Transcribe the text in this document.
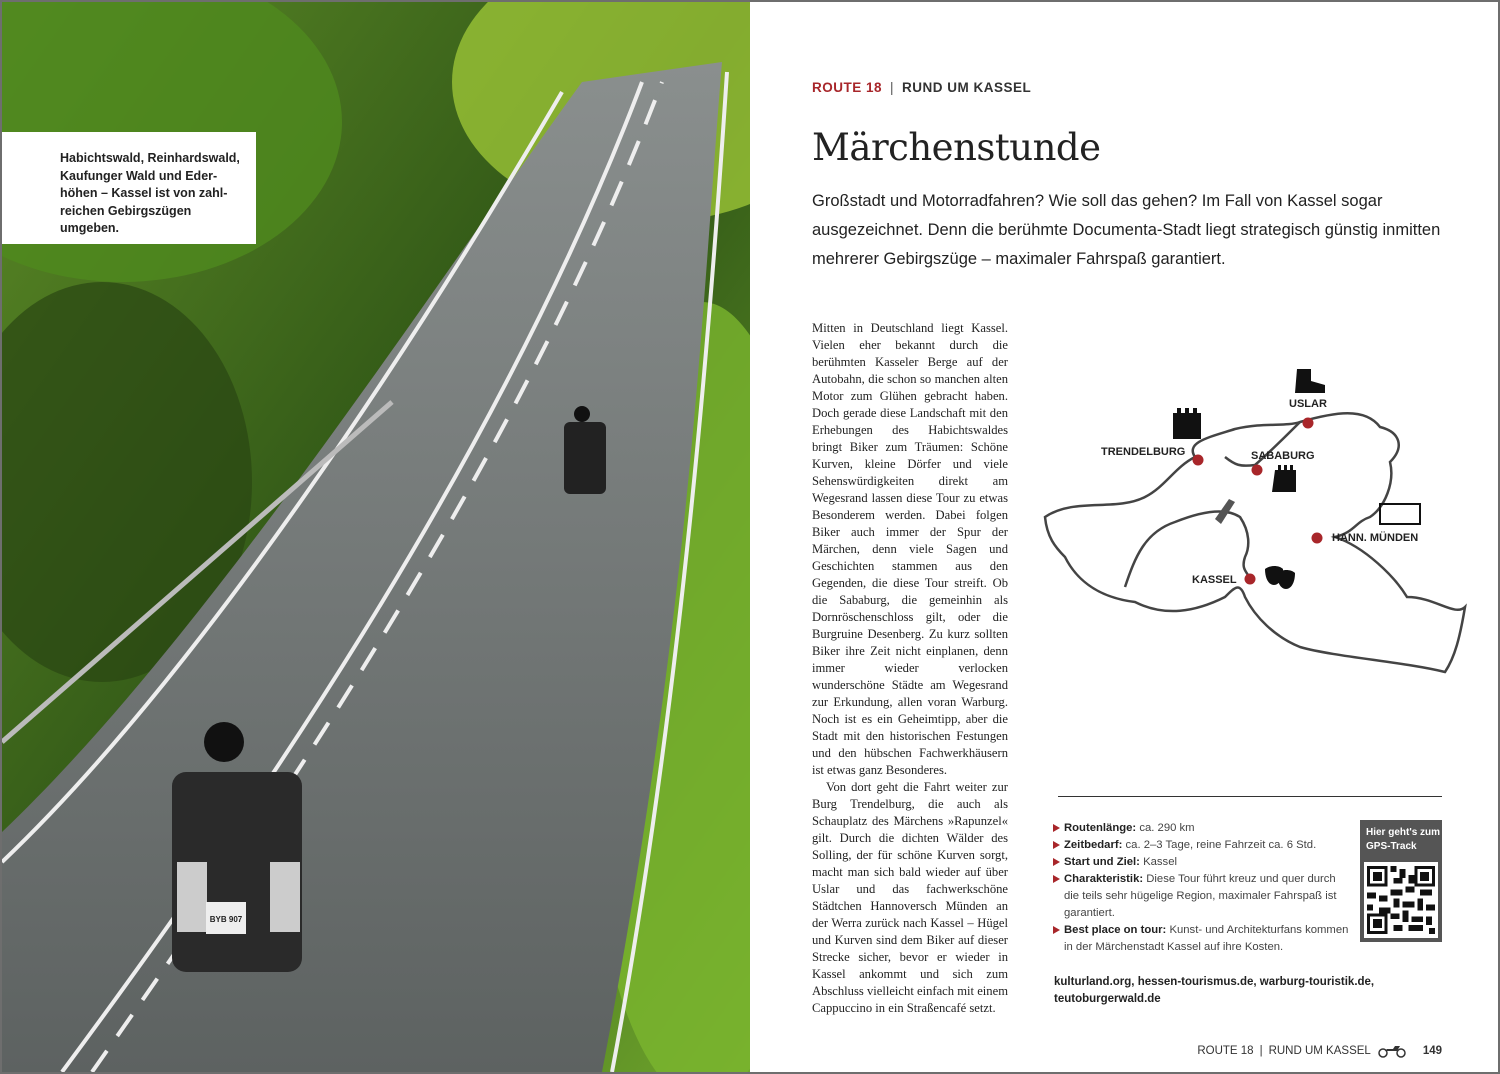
BYB 907
Habichtswald, Reinhardswald, Kaufunger Wald und Eder-höhen – Kassel ist von zahl-reichen Gebirgszügen umgeben.
ROUTE 18 | RUND UM KASSEL
Märchenstunde
Großstadt und Motorradfahren? Wie soll das gehen? Im Fall von Kassel sogar ausgezeichnet. Denn die berühmte Documenta-Stadt liegt strategisch günstig inmitten mehrerer Gebirgszüge – maximaler Fahrspaß garantiert.

Mitten in Deutschland liegt Kassel. Vielen eher bekannt durch die berühmten Kasseler Berge auf der Autobahn, die schon so manchen alten Motor zum Glühen gebracht haben. Doch gerade diese Landschaft mit den Erhebungen des Habichtswaldes bringt Biker zum Träumen: Schöne Kurven, kleine Dörfer und viele Sehenswürdigkeiten direkt am Wegesrand lassen diese Tour zu etwas Besonderem werden. Dabei folgen Biker auch immer der Spur der Märchen, denn viele Sagen und Geschichten stammen aus den Gegenden, die diese Tour streift. Ob die Sababurg, die gemeinhin als Dornröschenschloss gilt, oder die Burgruine Desenberg. Zu kurz sollten Biker ihre Zeit nicht einplanen, denn immer wieder verlocken wunderschöne Städte am Wegesrand zur Erkundung, allen voran Warburg. Noch ist es ein Geheimtipp, aber die Stadt mit den historischen Festungen und den hübschen Fachwerkhäusern ist etwas ganz Besonderes.

Von dort geht die Fahrt weiter zur Burg Trendelburg, die auch als Schauplatz des Märchens »Rapunzel« gilt. Durch die dichten Wälder des Solling, der für schöne Kurven sorgt, macht man sich bald wieder auf über Uslar und das fachwerkschöne Städtchen Hannoversch Münden an der Werra zurück nach Kassel – Hügel und Kurven sind dem Biker auf dieser Strecke sicher, bevor er wieder in Kassel ankommt und sich zum Abschluss vielleicht einfach mit einem Cappuccino in ein Straßencafé setzt.

TRENDELBURG
USLAR
SABABURG
HANN. MÜNDEN
KASSEL
Routenlänge: ca. 290 km
Zeitbedarf: ca. 2–3 Tage, reine Fahrzeit ca. 6 Std.
Start und Ziel: Kassel
Charakteristik: Diese Tour führt kreuz und quer durch die teils sehr hügelige Region, maximaler Fahrspaß ist garantiert.
Best place on tour: Kunst- und Architekturfans kommen in der Märchenstadt Kassel auf ihre Kosten.
Hier geht's zum GPS-Track
kulturland.org, hessen-tourismus.de, warburg-touristik.de, teutoburgerwald.de
ROUTE 18 | RUND UM KASSEL	149
